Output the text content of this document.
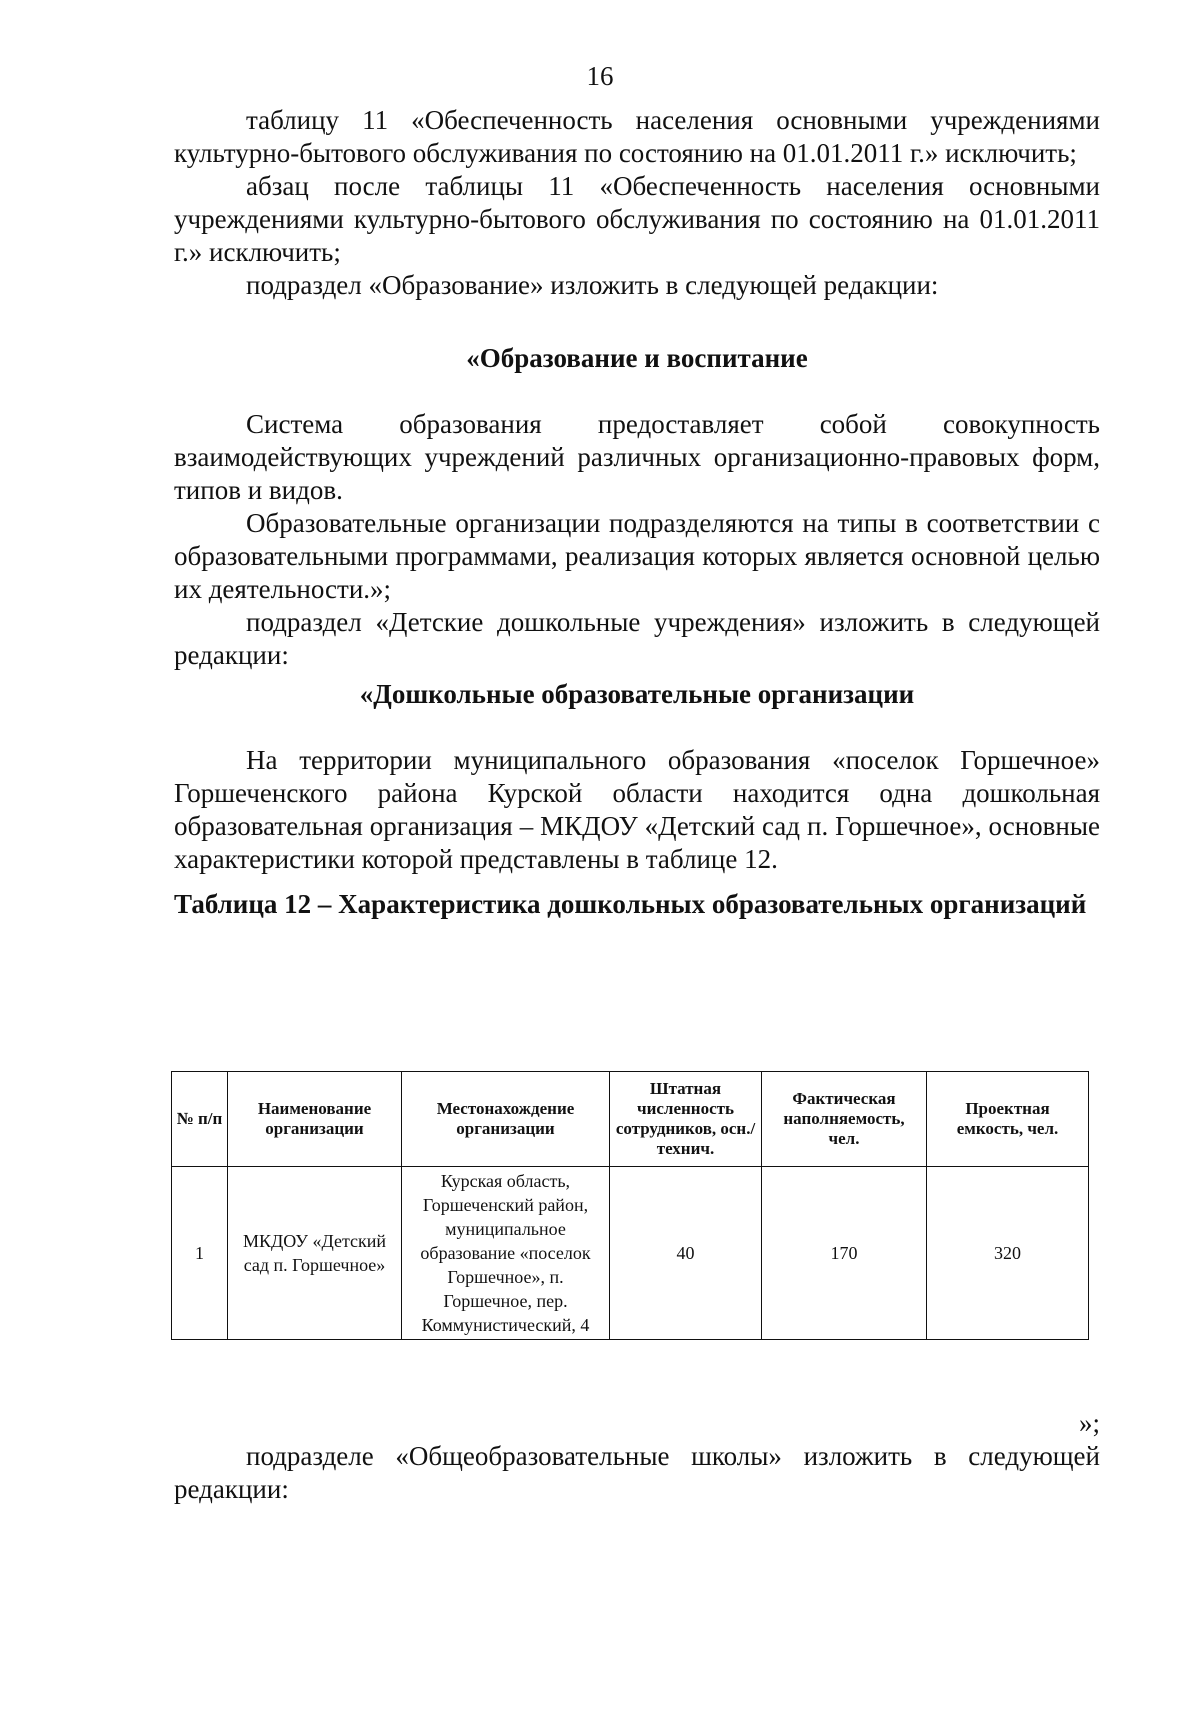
16

таблицу 11 «Обеспеченность населения основными учреждениями культурно-бытового обслуживания по состоянию на 01.01.2011 г.» исключить;

абзац после таблицы 11 «Обеспеченность населения основными учреждениями культурно-бытового обслуживания по состоянию на 01.01.2011 г.» исключить;

подраздел «Образование» изложить в следующей редакции:

«Образование и воспитание

Система образования предоставляет собой совокупность взаимодействующих учреждений различных организационно-правовых форм, типов и видов.

Образовательные организации подразделяются на типы в соответствии с образовательными программами, реализация которых является основной целью их деятельности.»;

подраздел «Детские дошкольные учреждения» изложить в следующей редакции:

«Дошкольные образовательные организации

На территории муниципального образования «поселок Горшечное» Горшеченского района Курской области находится одна дошкольная образовательная организация – МКДОУ «Детский сад п. Горшечное», основные характеристики которой представлены в таблице 12.

Таблица 12 – Характеристика дошкольных образовательных организаций
№ п/п	Наименование организации	Местонахождение организации	Штатная численность сотрудников, осн./технич.	Фактическая наполняемость, чел.	Проектная емкость, чел.
1	МКДОУ «Детский сад п. Горшечное»	Курская область, Горшеченский район, муниципальное образование «поселок Горшечное», п. Горшечное, пер. Коммунистический, 4	40	170	320
»;

подразделе «Общеобразовательные школы» изложить в следующей редакции:
